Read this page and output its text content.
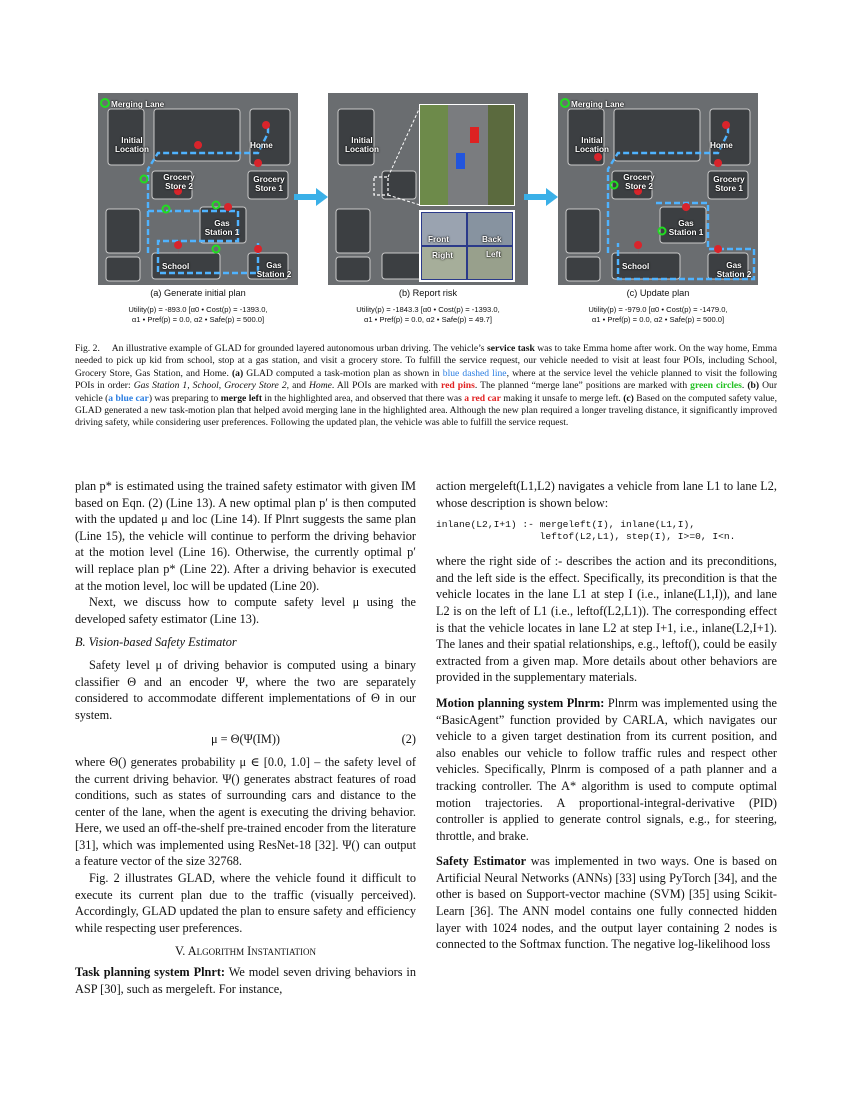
Merging Lane
Initial Location	Home
Grocery Store 2
Grocery Store 1
Gas Station 1
School	Gas Station 2
Initial Location
Front	Back
Right	Left
Merging Lane
Initial Location	Home
Grocery Store 2
Grocery Store 1
Gas Station 1
School	Gas Station 2
(a) Generate initial plan	(b) Report risk	(c) Update plan
Utility(p) = -893.0 [α0 • Cost(p) = -1393.0,
α1 • Pref(p) = 0.0, α2 • Safe(p) = 500.0]
Utility(p) = -1843.3 [α0 • Cost(p) = -1393.0,
α1 • Pref(p) = 0.0, α2 • Safe(p) = 49.7]
Utility(p) = -979.0 [α0 • Cost(p) = -1479.0,
α1 • Pref(p) = 0.0, α2 • Safe(p) = 500.0]
Fig. 2. An illustrative example of GLAD for grounded layered autonomous urban driving. The vehicle’s service task was to take Emma home after work. On the way home, Emma needed to pick up kid from school, stop at a gas station, and visit a grocery store. To fulfill the service request, our vehicle needed to visit at least four POIs, including School, Grocery Store, Gas Station, and Home. (a) GLAD computed a task-motion plan as shown in blue dashed line, where at the service level the vehicle planned to visit the following POIs in order: Gas Station 1, School, Grocery Store 2, and Home. All POIs are marked with red pins. The planned “merge lane” positions are marked with green circles. (b) Our vehicle (a blue car) was preparing to merge left in the highlighted area, and observed that there was a red car making it unsafe to merge left. (c) Based on the computed safety value, GLAD generated a new task-motion plan that helped avoid merging lane in the highlighted area. Although the new plan required a longer traveling distance, it significantly improved driving safety, while considering user preferences. Following the updated plan, the vehicle was able to fulfill the service request.

plan p* is estimated using the trained safety estimator with given IM based on Eqn. (2) (Line 13). A new optimal plan p′ is then computed with the updated μ and loc (Line 14). If Plnrt suggests the same plan (Line 15), the vehicle will continue to perform the driving behavior at the motion level (Line 16). Otherwise, the currently optimal p′ will replace plan p* (Line 22). After a driving behavior is executed at the motion level, loc will be updated (Line 20).

Next, we discuss how to compute safety level μ using the developed safety estimator (Line 13).

B. Vision-based Safety Estimator

Safety level μ of driving behavior is computed using a binary classifier Θ and an encoder Ψ, where the two are separately considered to accommodate different implementations of Θ in our system.

μ = Θ(Ψ(IM))	(2)

where Θ() generates probability μ ∈ [0.0, 1.0] – the safety level of the current driving behavior. Ψ() generates abstract features of road conditions, such as states of surrounding cars and distance to the center of the lane, when the agent is executing the driving behavior. Here, we used an off-the-shelf pre-trained encoder from the literature [31], which was implemented using ResNet-18 [32]. Ψ() can output a feature vector of the size 32768.

Fig. 2 illustrates GLAD, where the vehicle found it difficult to execute its current plan due to the traffic (visually perceived). Accordingly, GLAD updated the plan to ensure safety and efficiency while respecting user preferences.

V. Algorithm Instantiation

Task planning system Plnrt: We model seven driving behaviors in ASP [30], such as mergeleft. For instance,

action mergeleft(L1,L2) navigates a vehicle from lane L1 to lane L2, whose description is shown below:

inlane(L2,I+1) :- mergeleft(I), inlane(L1,I),
leftof(L2,L1), step(I), I>=0, I<n.

where the right side of :- describes the action and its preconditions, and the left side is the effect. Specifically, its precondition is that the vehicle locates in the lane L1 at step I (i.e., inlane(L1,I)), and lane L2 is on the left of L1 (i.e., leftof(L2,L1)). The corresponding effect is that the vehicle locates in lane L2 at step I+1, i.e., inlane(L2,I+1). The lanes and their spatial relationships, e.g., leftof(), could be easily extracted from a given map. More details about other behaviors are provided in the supplementary materials.

Motion planning system Plnrm: Plnrm was implemented using the “BasicAgent” function provided by CARLA, which navigates our vehicle to a given target destination from its current position, and also enables our vehicle to follow traffic rules and respect other vehicles. Specifically, Plnrm is composed of a path planner and a tracking controller. The A* algorithm is used to compute optimal motion trajectories. A proportional-integral-derivative (PID) controller is applied to generate control signals, e.g., for steering, throttle, and brake.

Safety Estimator was implemented in two ways. One is based on Artificial Neural Networks (ANNs) [33] using PyTorch [34], and the other is based on Support-vector machine (SVM) [35] using Scikit-Learn [36]. The ANN model contains one fully connected hidden layer with 1024 nodes, and the output layer containing 2 nodes is connected to the Softmax function. The negative log-likelihood loss
